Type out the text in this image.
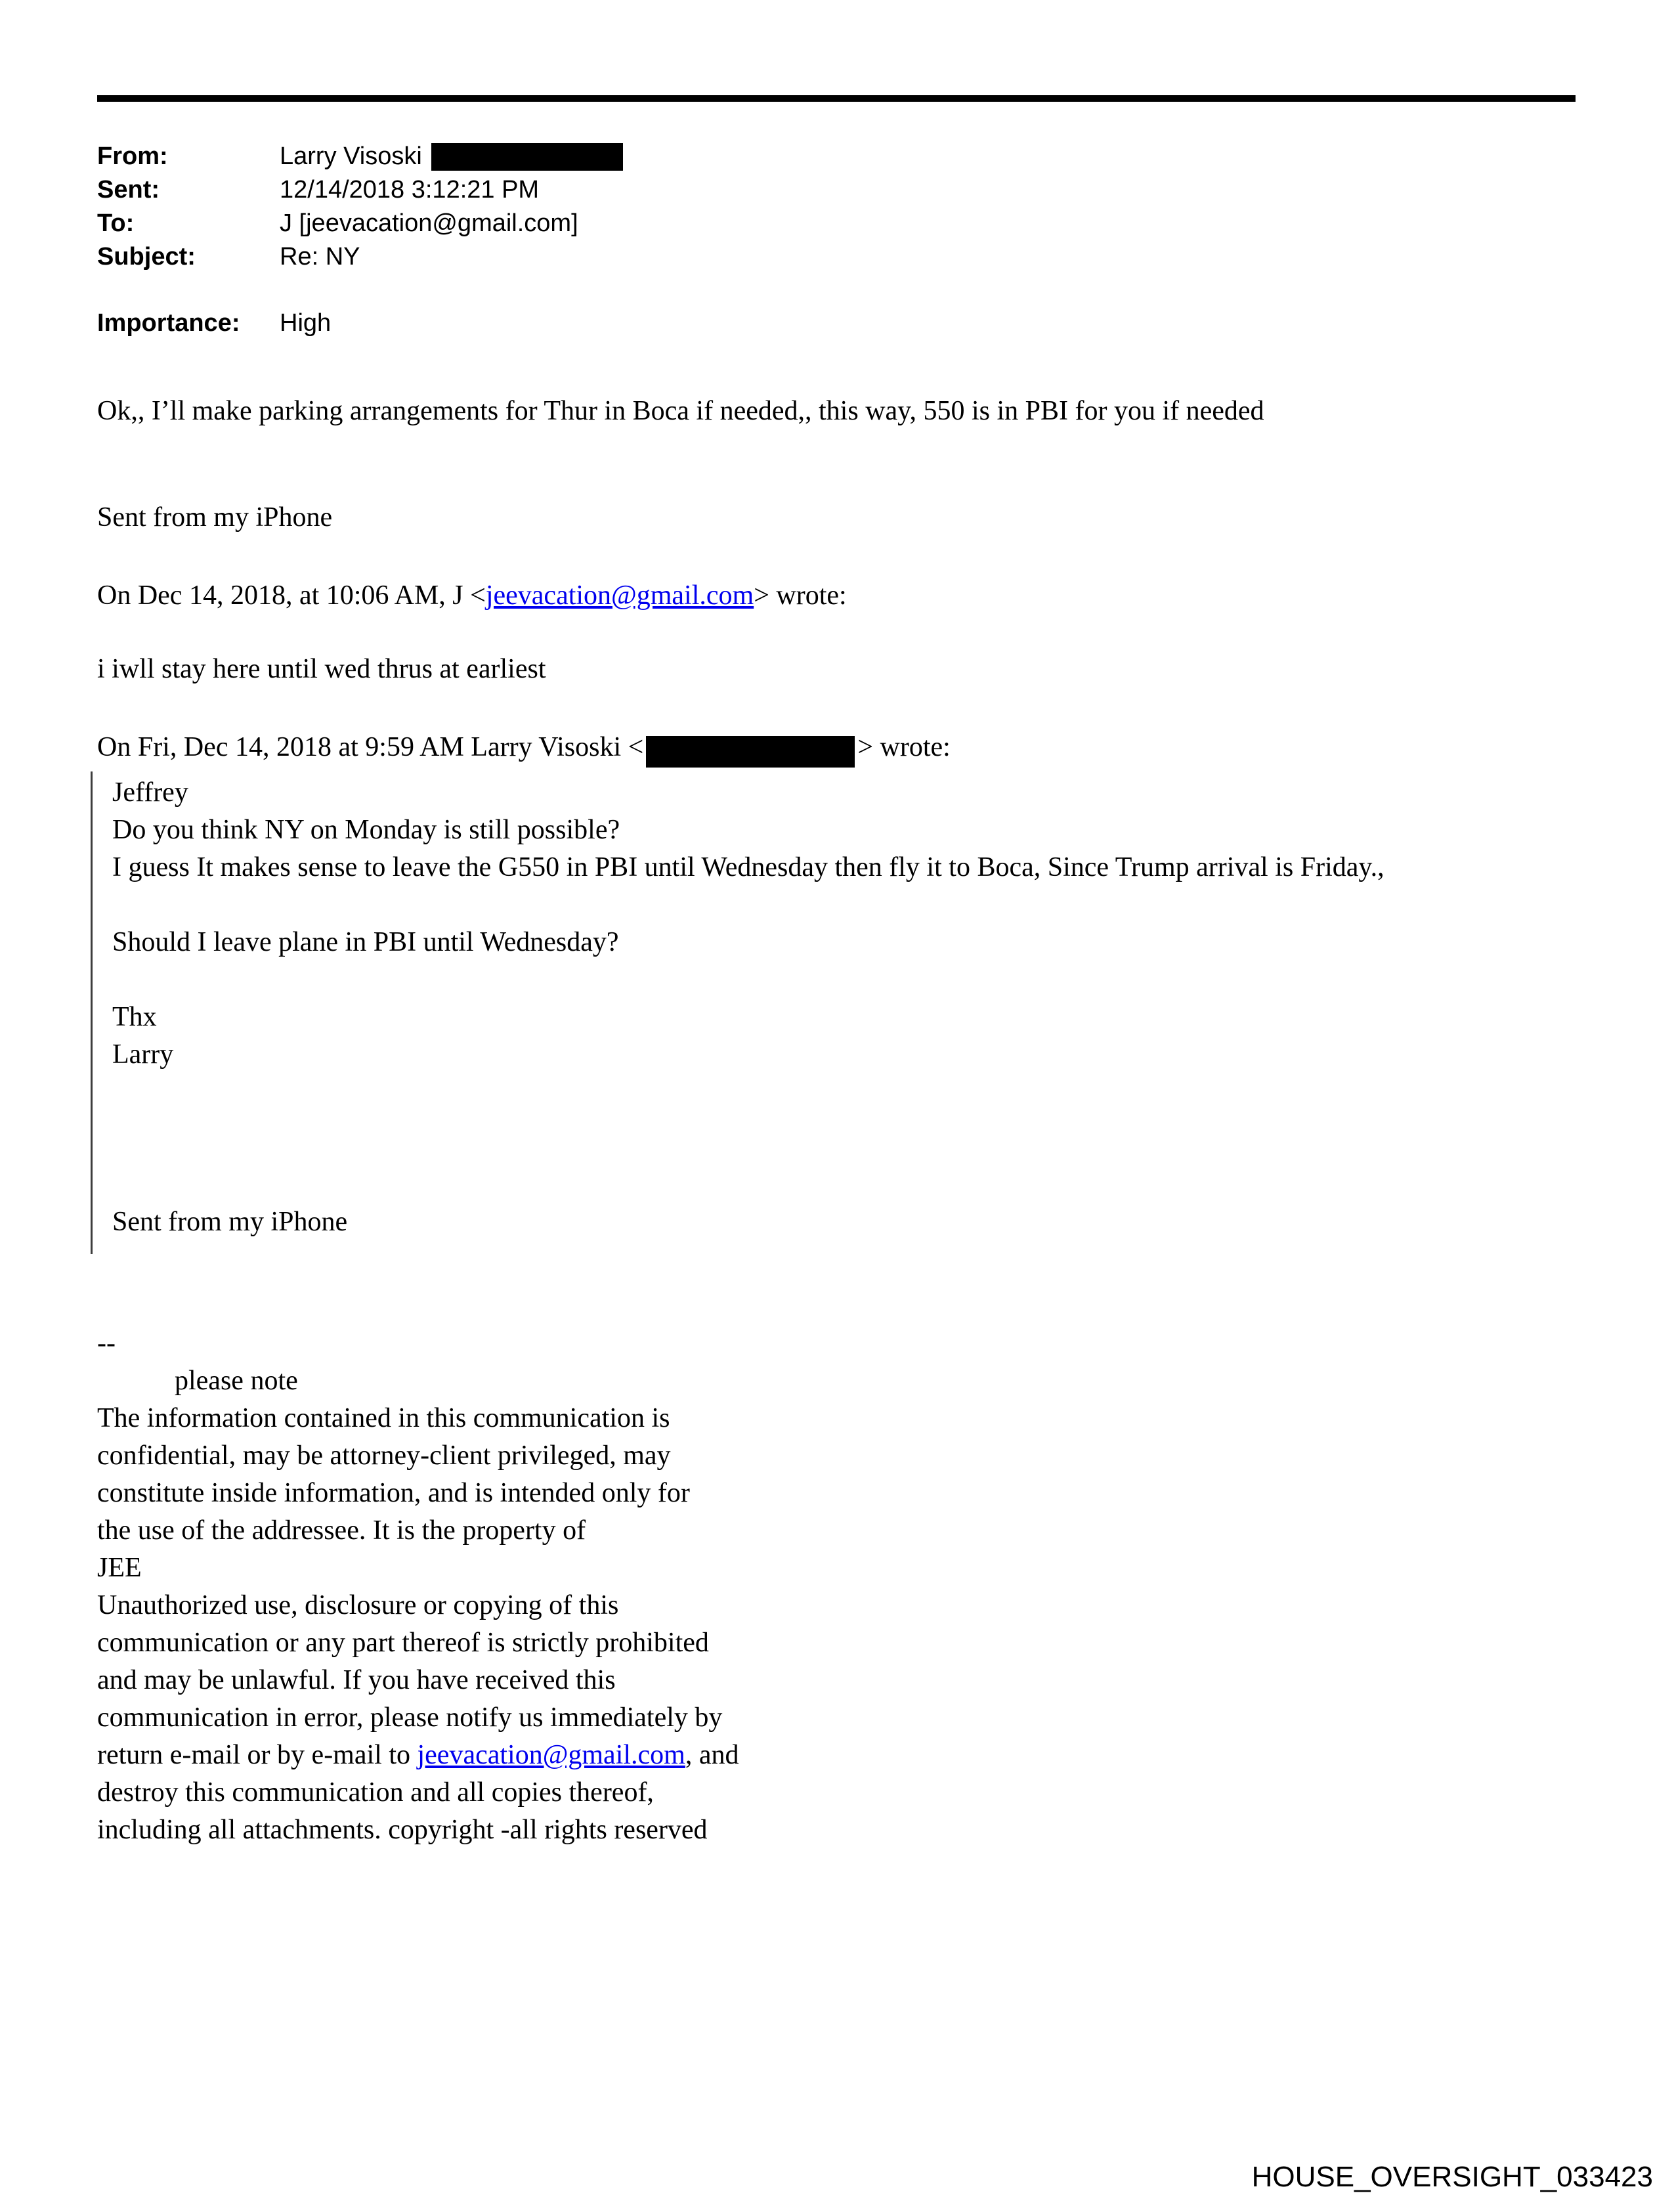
From:	Larry Visoski
Sent:	12/14/2018 3:12:21 PM
To:	J [jeevacation@gmail.com]
Subject:	Re: NY
Importance:	High
Ok,, I’ll make parking arrangements for Thur in Boca if needed,, this way, 550 is in PBI for you if needed
Sent from my iPhone
On Dec 14, 2018, at 10:06 AM, J <jeevacation@gmail.com> wrote:
i iwll stay here until wed thrus at earliest
On Fri, Dec 14, 2018 at 9:59 AM Larry Visoski <	> wrote:
Jeffrey
Do you think NY on Monday is still possible?
I guess It makes sense to leave the G550 in PBI until Wednesday then fly it to Boca, Since Trump arrival is Friday.,
Should I leave plane in PBI until Wednesday?
Thx
Larry
Sent from my iPhone
--
please note
The information contained in this communication is
confidential, may be attorney-client privileged, may
constitute inside information, and is intended only for
the use of the addressee. It is the property of
JEE
Unauthorized use, disclosure or copying of this
communication or any part thereof is strictly prohibited
and may be unlawful. If you have received this
communication in error, please notify us immediately by
return e-mail or by e-mail to jeevacation@gmail.com, and
destroy this communication and all copies thereof,
including all attachments. copyright -all rights reserved
HOUSE_OVERSIGHT_033423
